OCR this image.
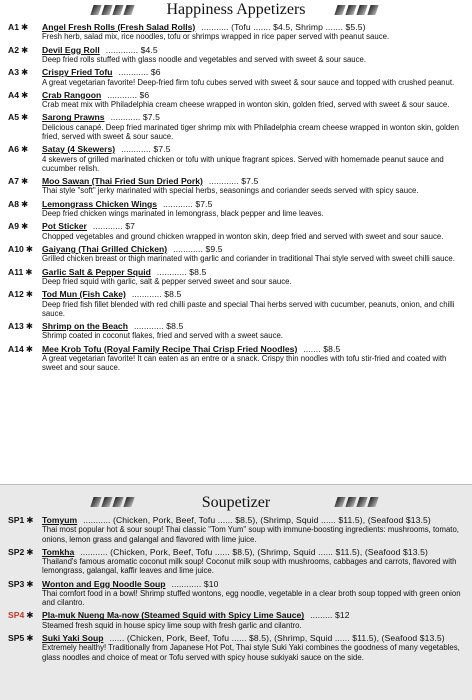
Happiness Appetizers
A1 ✱	Angel Fresh Rolls (Fresh Salad Rolls) ........... (Tofu ....... $4.5, Shrimp ....... $5.5)
Fresh herb, salad mix, rice noodles, tofu or shrimps wrapped in rice paper served with peanut sauce.
A2 ✱	Devil Egg Roll ............. $4.5
Deep fried rolls stuffed with glass noodle and vegetables and served with sweet & sour sauce.
A3 ✱	Crispy Fried Tofu ............ $6
A great vegetarian favorite! Deep-fried firm tofu cubes served with sweet & sour sauce and topped with crushed peanut.
A4 ✱	Crab Rangoon ............ $6
Crab meat mix with Philadelphia cream cheese wrapped in wonton skin, golden fried, served with sweet & sour sauce.
A5 ✱	Sarong Prawns ............ $7.5
Delicious canapé. Deep fried marinated tiger shrimp mix with Philadelphia cream cheese wrapped in wonton skin, golden fried, served with sweet & sour sauce.
A6 ✱	Satay (4 Skewers) ............ $7.5
4 skewers of grilled marinated chicken or tofu with unique fragrant spices. Served with homemade peanut sauce and cucumber relish.
A7 ✱	Moo Sawan (Thai Fried Sun Dried Pork) ............ $7.5
Thai style "soft" jerky marinated with special herbs, seasonings and coriander seeds served with spicy sauce.
A8 ✱	Lemongrass Chicken Wings ............ $7.5
Deep fried chicken wings marinated in lemongrass, black pepper and lime leaves.
A9 ✱	Pot Sticker ............ $7
Chopped vegetables and ground chicken wrapped in wonton skin, deep fried and served with sweet and sour sauce.
A10 ✱	Gaiyang (Thai Grilled Chicken) ............ $9.5
Grilled chicken breast or thigh marinated with garlic and coriander in traditional Thai style served with sweet chilli sauce.
A11 ✱	Garlic Salt & Pepper Squid ............ $8.5
Deep fried squid with garlic, salt & pepper served sweet and sour sauce.
A12 ✱	Tod Mun (Fish Cake) ............ $8.5
Deep fried fish fillet blended with red chilli paste and special Thai herbs served with cucumber, peanuts, onion, and chilli sauce.
A13 ✱	Shrimp on the Beach ............ $8.5
Shrimp coated in coconut flakes, fried and served with a sweet sauce.
A14 ✱	Mee Krob Tofu (Royal Family Recipe Thai Crisp Fried Noodles) ....... $8.5
A great vegetarian favorite! It can eaten as an entre or a snack. Crispy thin noodles with tofu stir-fried and coated with sweet and sour sauce.
Soupetizer
SP1 ✱ Tomyum ........... (Chicken, Pork, Beef, Tofu ...... $8.5), (Shrimp, Squid ...... $11.5), (Seafood $13.5)
Thai most popular hot & sour soup! Thai classic "Tom Yum" soup with immune-boosting ingredients: mushrooms, tomato, onions, lemon grass and galangal and flavored with lime juice.
SP2 ✱ Tomkha ........... (Chicken, Pork, Beef, Tofu ...... $8.5), (Shrimp, Squid ...... $11.5), (Seafood $13.5)
Thailand's famous aromatic coconut milk soup! Coconut milk soup with mushrooms, cabbages and carrots, flavored with lemongrass, galangal, kaffir leaves and lime juice.
SP3 ✱ Wonton and Egg Noodle Soup ............ $10
Thai comfort food in a bowl! Shrimp stuffed wontons, egg noodle, vegetable in a clear broth soup topped with green onion and cilantro.
SP4 ✱ Pla-muk Nueng Ma-now (Steamed Squid with Spicy Lime Sauce) ......... $12
Steamed fresh squid in house spicy lime soup with fresh garlic and cilantro.
SP5 ✱ Suki Yaki Soup ...... (Chicken, Pork, Beef, Tofu ...... $8.5), (Shrimp, Squid ...... $11.5), (Seafood $13.5)
Extremely healthy! Traditionally from Japanese Hot Pot, Thai style Suki Yaki combines the goodness of many vegetables, glass noodles and choice of meat or Tofu served with spicy house sukiyaki sauce on the side.
